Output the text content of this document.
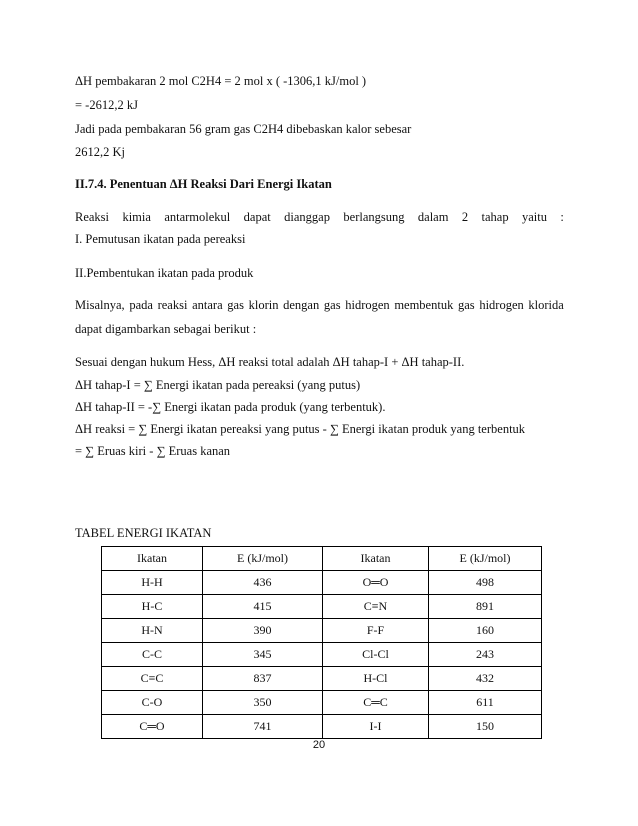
ΔH pembakaran 2 mol C2H4 = 2 mol x ( -1306,1 kJ/mol )
= -2612,2 kJ
Jadi pada pembakaran 56 gram gas C2H4 dibebaskan kalor sebesar
2612,2 Kj
II.7.4. Penentuan ΔH Reaksi Dari Energi Ikatan
Reaksi kimia antarmolekul dapat dianggap berlangsung dalam 2 tahap yaitu :
I. Pemutusan ikatan pada pereaksi
II.Pembentukan ikatan pada produk
Misalnya, pada reaksi antara gas klorin dengan gas hidrogen membentuk gas hidrogen klorida
dapat digambarkan sebagai berikut :
Sesuai dengan hukum Hess, ΔH reaksi total adalah ΔH tahap-I + ΔH tahap-II.
ΔH tahap-I = ∑ Energi ikatan pada pereaksi (yang putus)
ΔH tahap-II = -∑ Energi ikatan pada produk (yang terbentuk).
ΔH reaksi = ∑ Energi ikatan pereaksi yang putus - ∑ Energi ikatan produk yang terbentuk
= ∑ Eruas kiri - ∑ Eruas kanan
TABEL ENERGI IKATAN
Ikatan	E (kJ/mol)	Ikatan	E (kJ/mol)
H-H	436	O═O	498
H-C	415	C≡N	891
H-N	390	F-F	160
C-C	345	Cl-Cl	243
C≡C	837	H-Cl	432
C-O	350	C═C	611
C═O	741	I-I	150
20
